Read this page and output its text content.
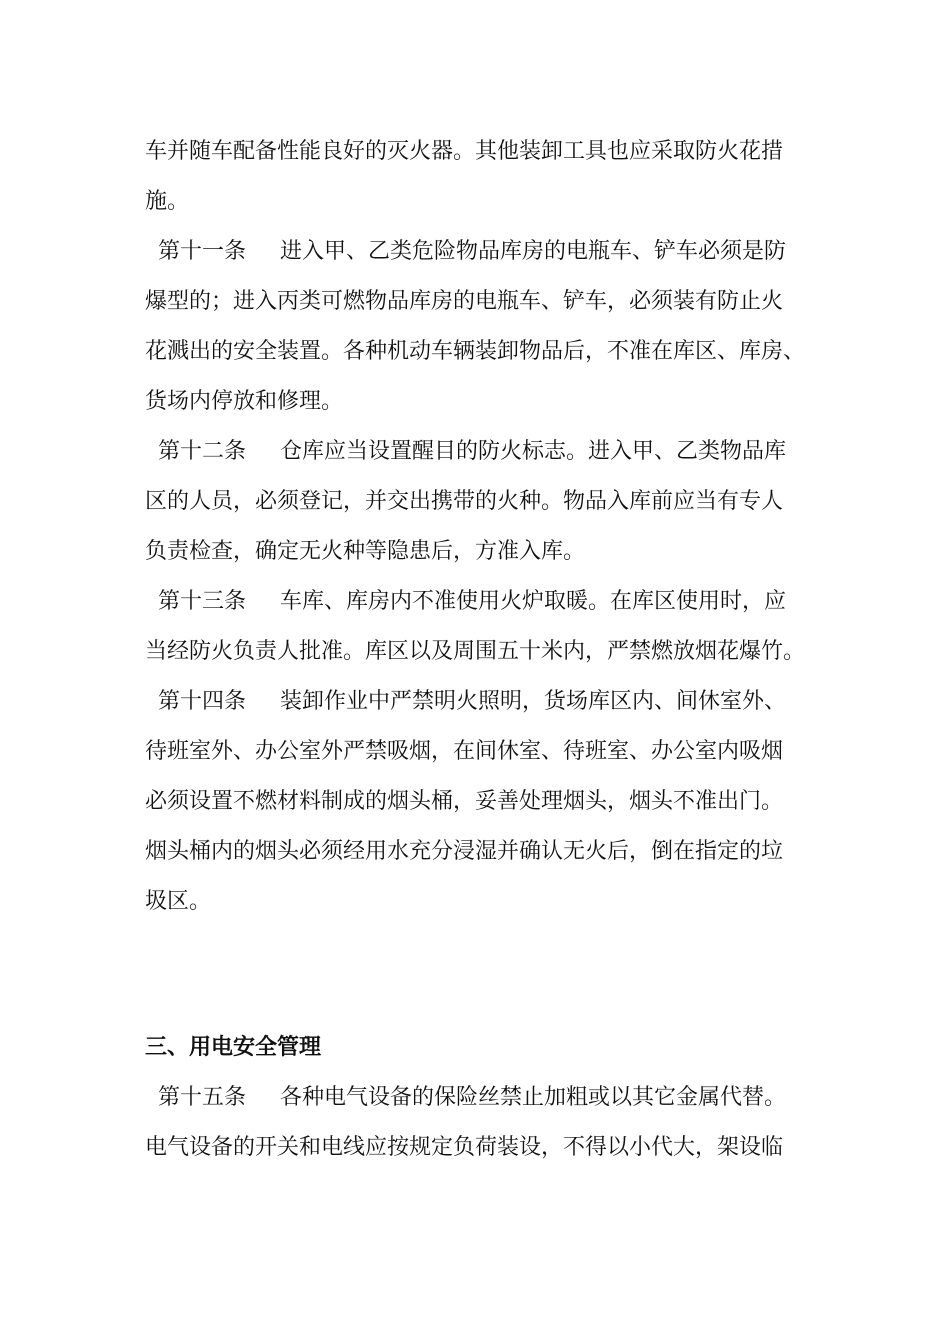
车并随车配备性能良好的灭火器。其他装卸工具也应采取防火花措
施。
第十一条 进入甲、乙类危险物品库房的电瓶车、铲车必须是防
爆型的；进入丙类可燃物品库房的电瓶车、铲车，必须装有防止火
花溅出的安全装置。各种机动车辆装卸物品后，不准在库区、库房、
货场内停放和修理。
第十二条 仓库应当设置醒目的防火标志。进入甲、乙类物品库
区的人员，必须登记，并交出携带的火种。物品入库前应当有专人
负责检查，确定无火种等隐患后，方准入库。
第十三条 车库、库房内不准使用火炉取暖。在库区使用时，应
当经防火负责人批准。库区以及周围五十米内，严禁燃放烟花爆竹。
第十四条 装卸作业中严禁明火照明，货场库区内、间休室外、
待班室外、办公室外严禁吸烟，在间休室、待班室、办公室内吸烟
必须设置不燃材料制成的烟头桶，妥善处理烟头，烟头不准出门。
烟头桶内的烟头必须经用水充分浸湿并确认无火后，倒在指定的垃
圾区。
三、用电安全管理
第十五条 各种电气设备的保险丝禁止加粗或以其它金属代替。
电气设备的开关和电线应按规定负荷装设，不得以小代大，架设临
